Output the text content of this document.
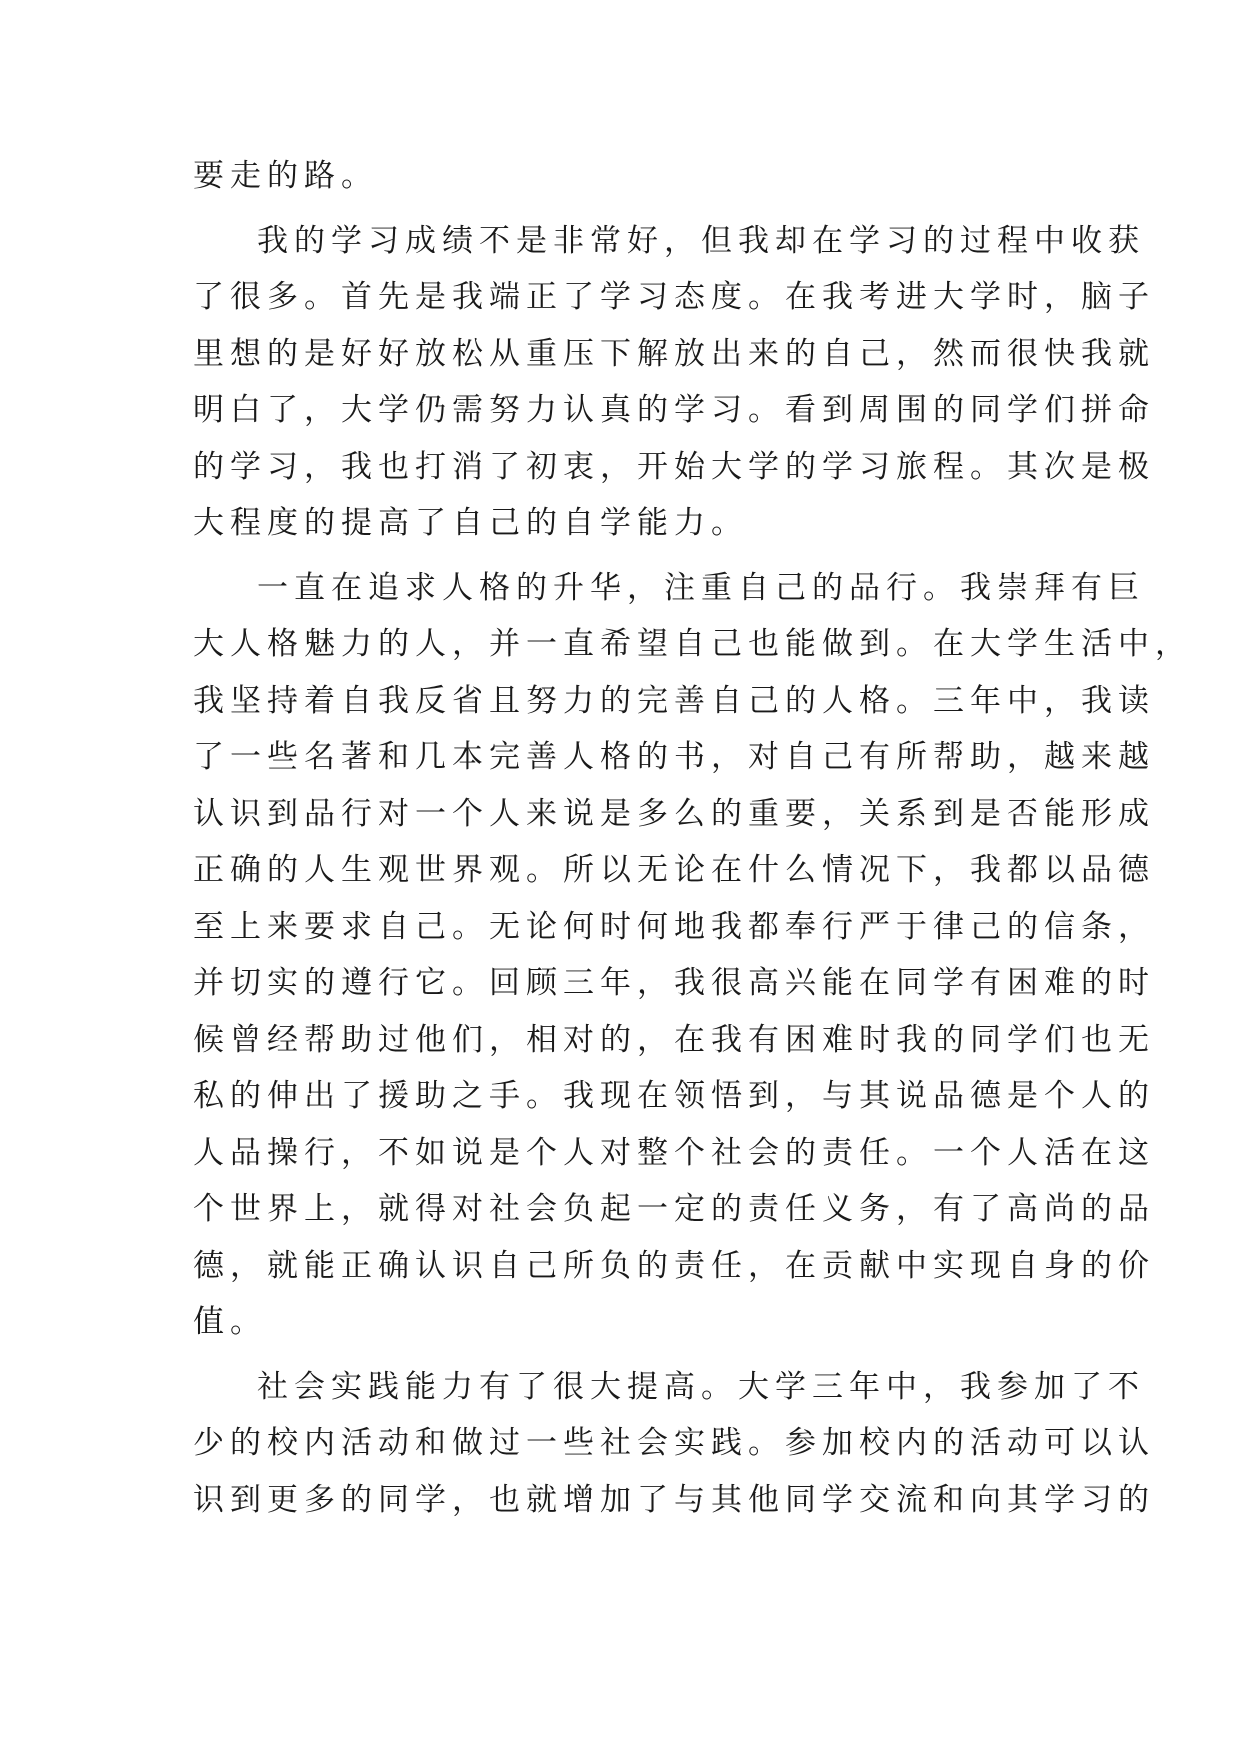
要走的路。
我的学习成绩不是非常好，但我却在学习的过程中收获
了很多。首先是我端正了学习态度。在我考进大学时，脑子
里想的是好好放松从重压下解放出来的自己，然而很快我就
明白了，大学仍需努力认真的学习。看到周围的同学们拼命
的学习，我也打消了初衷，开始大学的学习旅程。其次是极
大程度的提高了自己的自学能力。
一直在追求人格的升华，注重自己的品行。我崇拜有巨
大人格魅力的人，并一直希望自己也能做到。在大学生活中，
我坚持着自我反省且努力的完善自己的人格。三年中，我读
了一些名著和几本完善人格的书，对自己有所帮助，越来越
认识到品行对一个人来说是多么的重要，关系到是否能形成
正确的人生观世界观。所以无论在什么情况下，我都以品德
至上来要求自己。无论何时何地我都奉行严于律己的信条，
并切实的遵行它。回顾三年，我很高兴能在同学有困难的时
候曾经帮助过他们，相对的，在我有困难时我的同学们也无
私的伸出了援助之手。我现在领悟到，与其说品德是个人的
人品操行，不如说是个人对整个社会的责任。一个人活在这
个世界上，就得对社会负起一定的责任义务，有了高尚的品
德，就能正确认识自己所负的责任，在贡献中实现自身的价
值。
社会实践能力有了很大提高。大学三年中，我参加了不
少的校内活动和做过一些社会实践。参加校内的活动可以认
识到更多的同学，也就增加了与其他同学交流和向其学习的
